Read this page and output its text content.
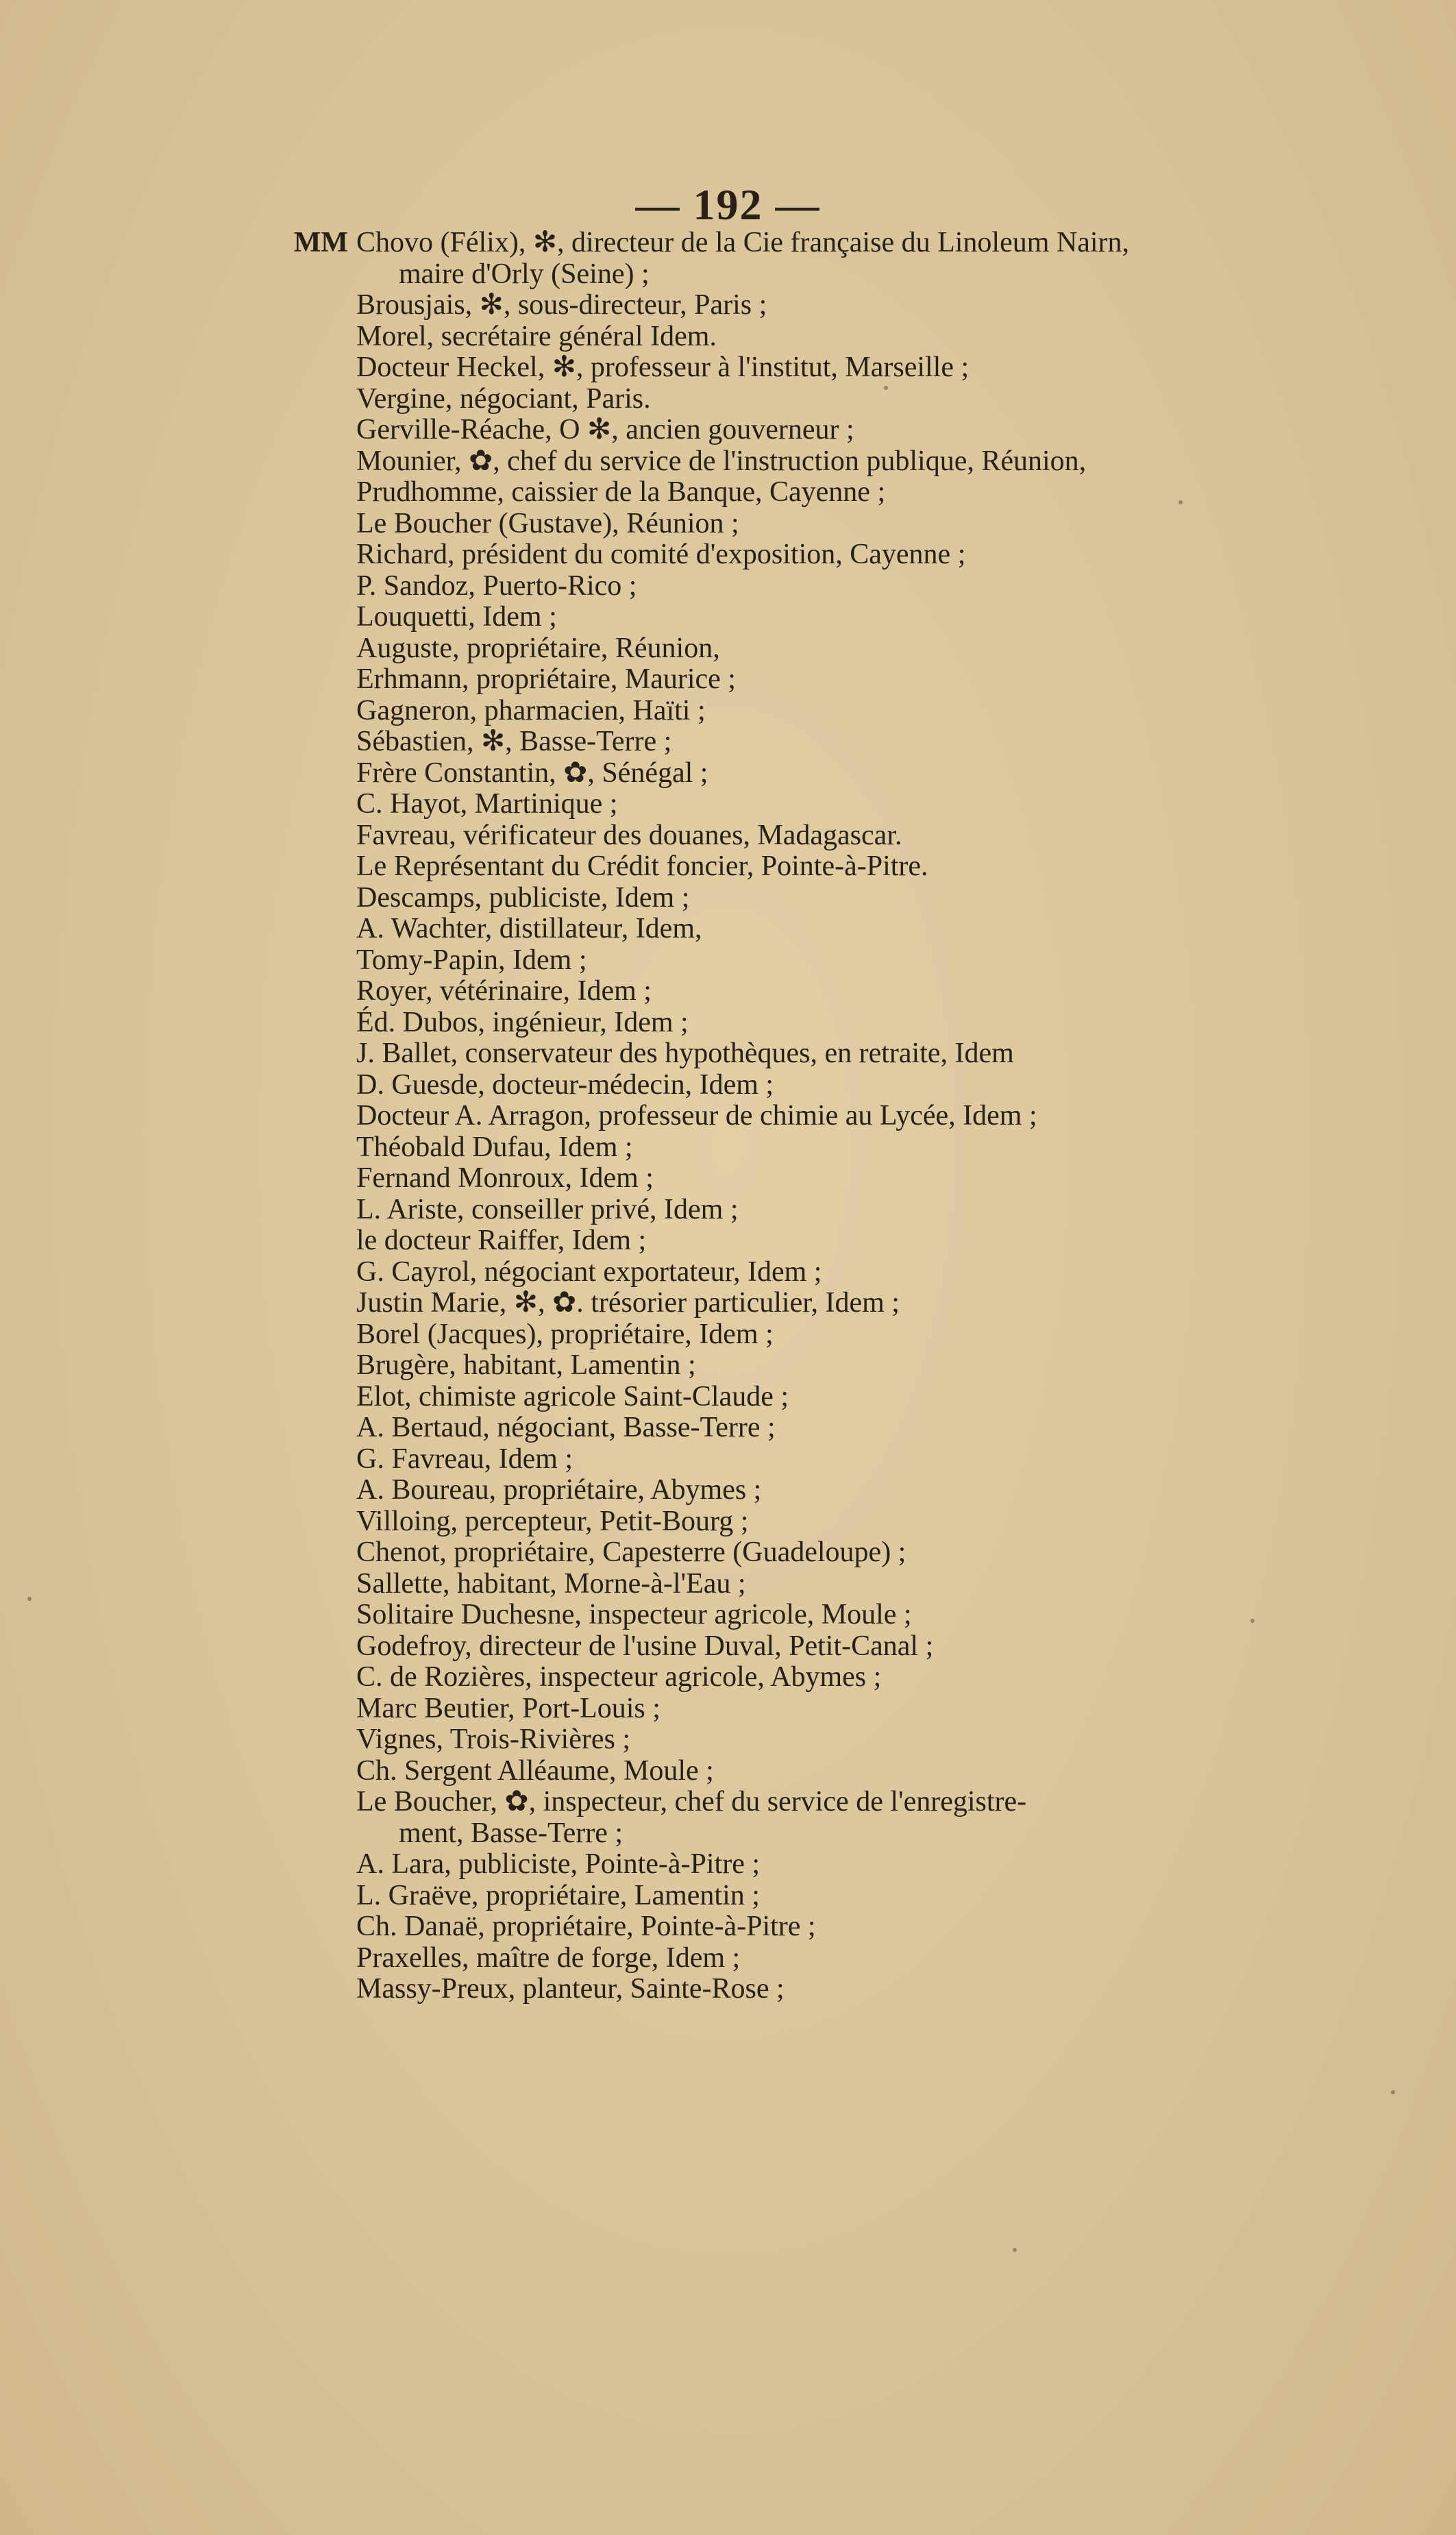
— 192 —
MM Chovo (Félix), ✻, directeur de la Cie française du Linoleum Nairn,
maire d'Orly (Seine) ;
Brousjais, ✻, sous-directeur, Paris ;
Morel, secrétaire général Idem.
Docteur Heckel, ✻, professeur à l'institut, Marseille ;
Vergine, négociant, Paris.
Gerville-Réache, O ✻, ancien gouverneur ;
Mounier, ✿, chef du service de l'instruction publique, Réunion,
Prudhomme, caissier de la Banque, Cayenne ;
Le Boucher (Gustave), Réunion ;
Richard, président du comité d'exposition, Cayenne ;
P. Sandoz, Puerto-Rico ;
Louquetti, Idem ;
Auguste, propriétaire, Réunion,
Erhmann, propriétaire, Maurice ;
Gagneron, pharmacien, Haïti ;
Sébastien, ✻, Basse-Terre ;
Frère Constantin, ✿, Sénégal ;
C. Hayot, Martinique ;
Favreau, vérificateur des douanes, Madagascar.
Le Représentant du Crédit foncier, Pointe-à-Pitre.
Descamps, publiciste, Idem ;
A. Wachter, distillateur, Idem,
Tomy-Papin, Idem ;
Royer, vétérinaire, Idem ;
Éd. Dubos, ingénieur, Idem ;
J. Ballet, conservateur des hypothèques, en retraite, Idem
D. Guesde, docteur-médecin, Idem ;
Docteur A. Arragon, professeur de chimie au Lycée, Idem ;
Théobald Dufau, Idem ;
Fernand Monroux, Idem ;
L. Ariste, conseiller privé, Idem ;
le docteur Raiffer, Idem ;
G. Cayrol, négociant exportateur, Idem ;
Justin Marie, ✻, ✿. trésorier particulier, Idem ;
Borel (Jacques), propriétaire, Idem ;
Brugère, habitant, Lamentin ;
Elot, chimiste agricole Saint-Claude ;
A. Bertaud, négociant, Basse-Terre ;
G. Favreau, Idem ;
A. Boureau, propriétaire, Abymes ;
Villoing, percepteur, Petit-Bourg ;
Chenot, propriétaire, Capesterre (Guadeloupe) ;
Sallette, habitant, Morne-à-l'Eau ;
Solitaire Duchesne, inspecteur agricole, Moule ;
Godefroy, directeur de l'usine Duval, Petit-Canal ;
C. de Rozières, inspecteur agricole, Abymes ;
Marc Beutier, Port-Louis ;
Vignes, Trois-Rivières ;
Ch. Sergent Alléaume, Moule ;
Le Boucher, ✿, inspecteur, chef du service de l'enregistre-
ment, Basse-Terre ;
A. Lara, publiciste, Pointe-à-Pitre ;
L. Graëve, propriétaire, Lamentin ;
Ch. Danaë, propriétaire, Pointe-à-Pitre ;
Praxelles, maître de forge, Idem ;
Massy-Preux, planteur, Sainte-Rose ;
